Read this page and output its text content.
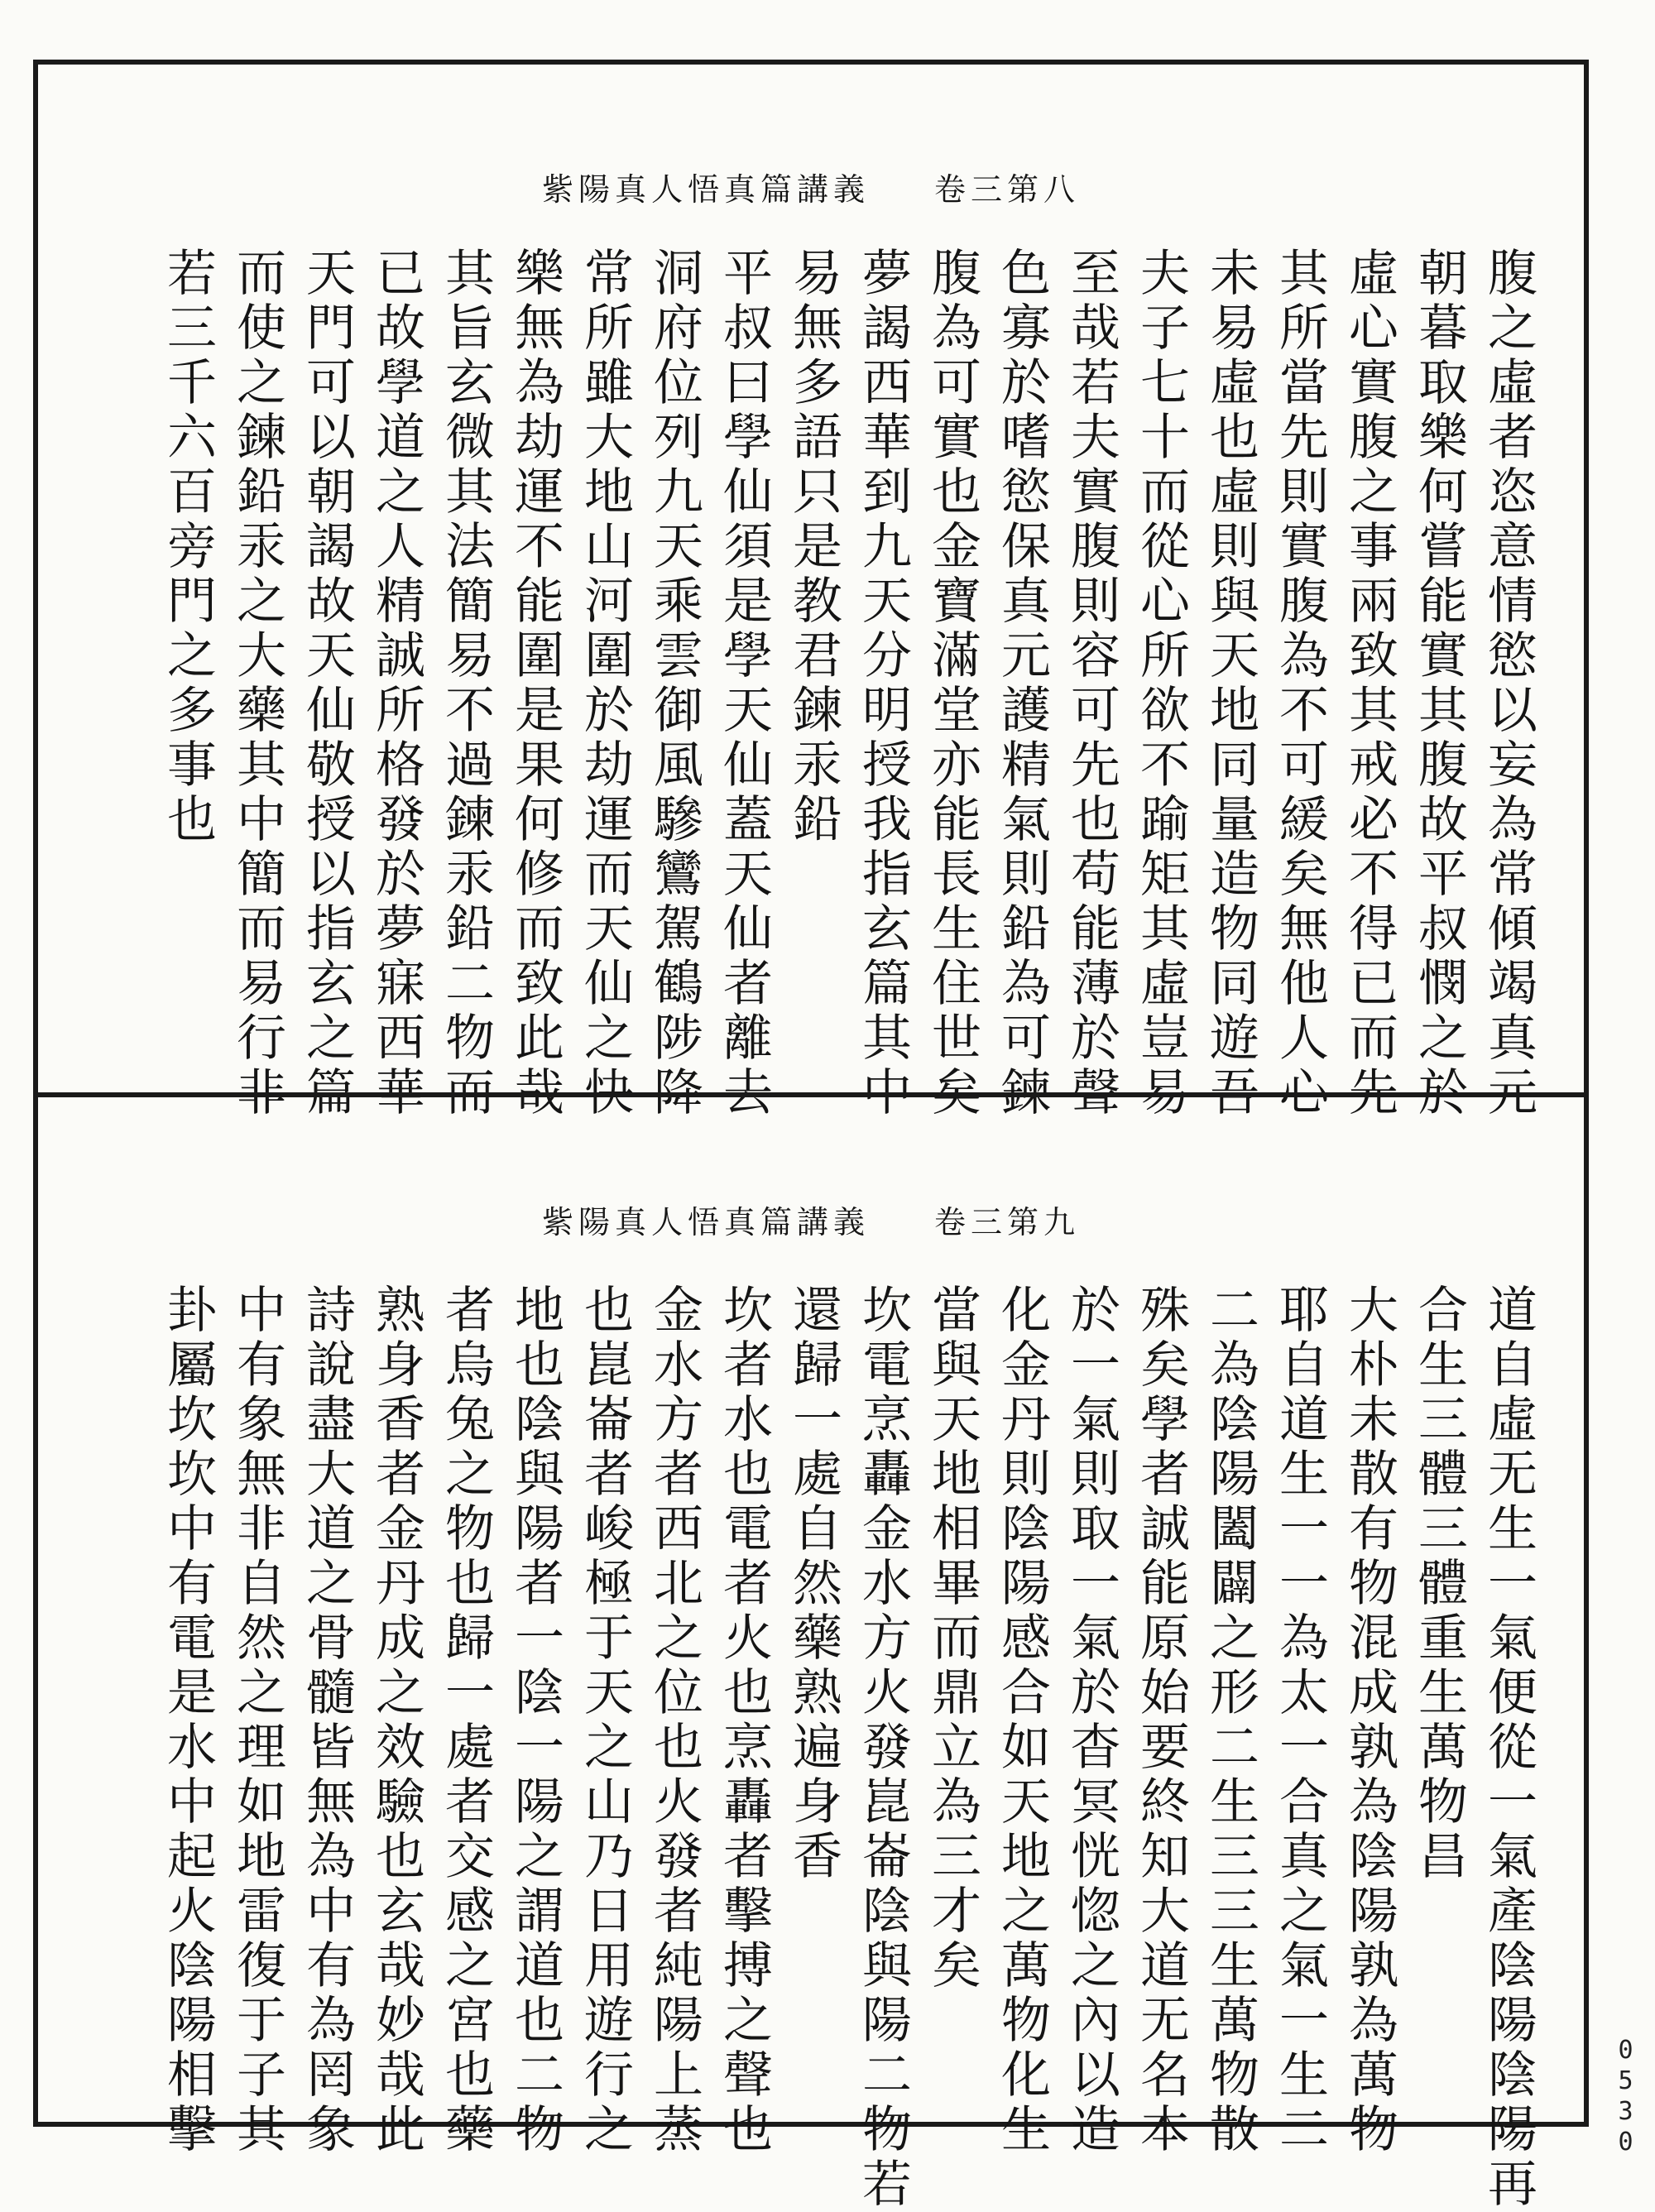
紫陽真人悟真篇講義 卷三第八
腹之虛者恣意情慾以妄為常傾竭真元
朝暮取樂何嘗能實其腹故平叔憫之於
虛心實腹之事兩致其戒必不得已而先
其所當先則實腹為不可緩矣無他人心
未易虛也虛則與天地同量造物同遊吾
夫子七十而從心所欲不踰矩其虛豈易
至哉若夫實腹則容可先也苟能薄於聲
色寡於嗜慾保真元護精氣則鉛為可鍊
腹為可實也金寶滿堂亦能長生住世矣
夢謁西華到九天分明授我指玄篇其中
易無多語只是教君鍊汞鉛
平叔曰學仙須是學天仙蓋天仙者離去
洞府位列九天乘雲御風驂鸞駕鶴陟降
常所雖大地山河圍於劫運而天仙之快
樂無為劫運不能圍是果何修而致此哉
其旨玄微其法簡易不過鍊汞鉛二物而
已故學道之人精誠所格發於夢寐西華
天門可以朝謁故天仙敬授以指玄之篇
而使之鍊鉛汞之大藥其中簡而易行非
若三千六百旁門之多事也
紫陽真人悟真篇講義 卷三第九
道自虛无生一氣便從一氣產陰陽陰陽再
合生三體三體重生萬物昌
大朴未散有物混成孰為陰陽孰為萬物
耶自道生一一為太一合真之氣一生二
二為陰陽闔闢之形二生三三生萬物散
殊矣學者誠能原始要終知大道无名本
於一氣則取一氣於杳冥恍惚之內以造
化金丹則陰陽感合如天地之萬物化生
當與天地相畢而鼎立為三才矣
坎電烹轟金水方火發崑崙陰與陽二物若
還歸一處自然藥熟遍身香
坎者水也電者火也烹轟者擊搏之聲也
金水方者西北之位也火發者純陽上蒸
也崑崙者峻極于天之山乃日用遊行之
地也陰與陽者一陰一陽之謂道也二物
者烏兔之物也歸一處者交感之宮也藥
熟身香者金丹成之效驗也玄哉妙哉此
詩說盡大道之骨髓皆無為中有為罔象
中有象無非自然之理如地雷復于子其
卦屬坎坎中有電是水中起火陰陽相擊	0530
